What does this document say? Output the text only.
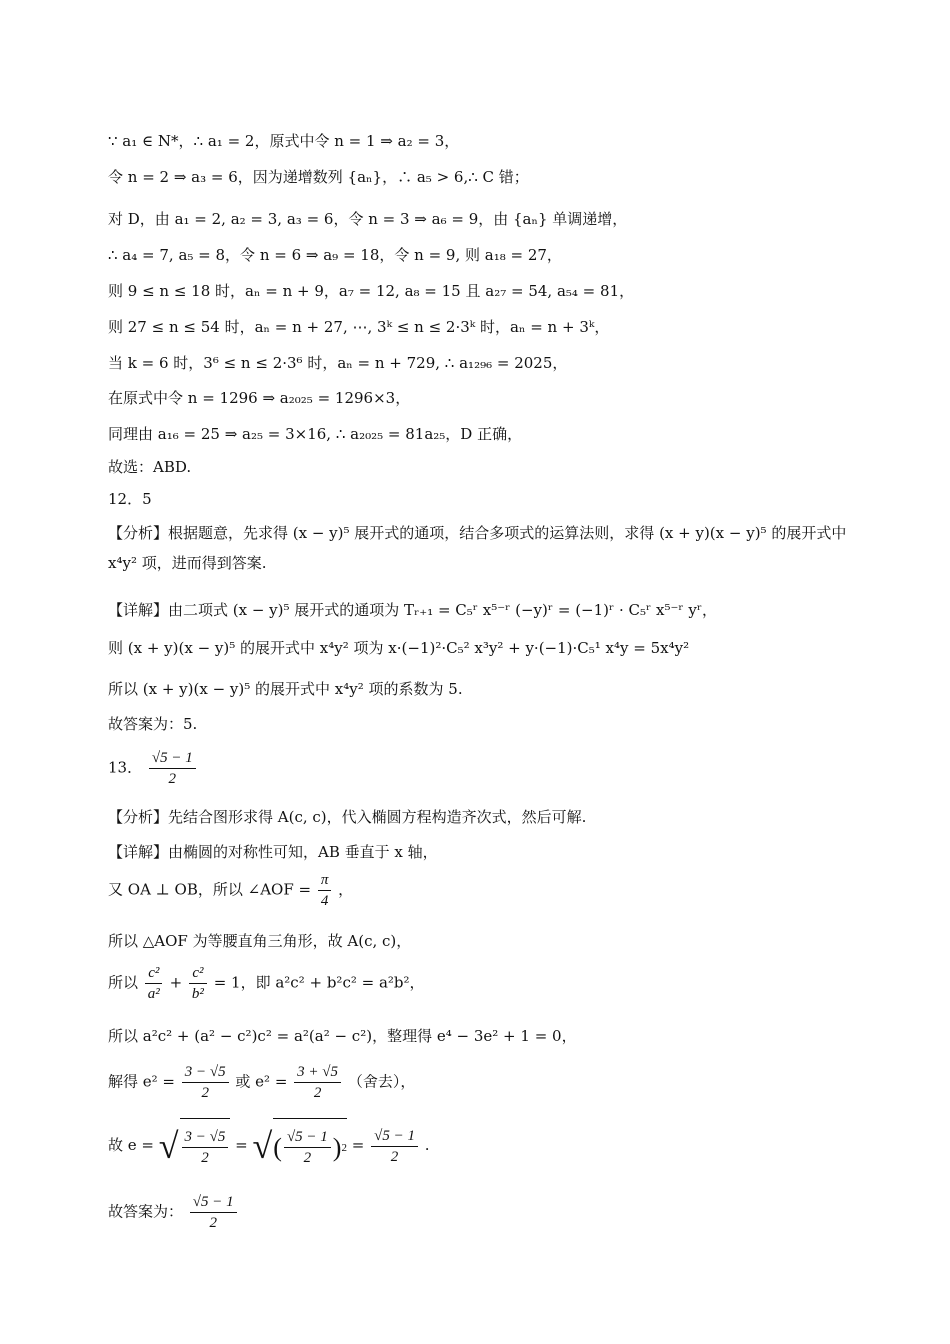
∵ a₁ ∈ N*，∴ a₁ = 2，原式中令 n = 1 ⇒ a₂ = 3，
令 n = 2 ⇒ a₃ = 6，因为递增数列 {aₙ}，∴ a₅ > 6,∴ C 错；
对 D，由 a₁ = 2, a₂ = 3, a₃ = 6，令 n = 3 ⇒ a₆ = 9，由 {aₙ} 单调递增，
∴ a₄ = 7, a₅ = 8，令 n = 6 ⇒ a₉ = 18，令 n = 9, 则 a₁₈ = 27，
则 9 ≤ n ≤ 18 时，aₙ = n + 9，a₇ = 12, a₈ = 15 且 a₂₇ = 54, a₅₄ = 81，
则 27 ≤ n ≤ 54 时，aₙ = n + 27, ⋯, 3ᵏ ≤ n ≤ 2·3ᵏ 时，aₙ = n + 3ᵏ，
当 k = 6 时，3⁶ ≤ n ≤ 2·3⁶ 时，aₙ = n + 729, ∴ a₁₂₉₆ = 2025，
在原式中令 n = 1296 ⇒ a₂₀₂₅ = 1296×3，
同理由 a₁₆ = 25 ⇒ a₂₅ = 3×16, ∴ a₂₀₂₅ = 81a₂₅，D 正确，
故选：ABD.
12．5
【分析】根据题意，先求得 (x − y)⁵ 展开式的通项，结合多项式的运算法则，求得 (x + y)(x − y)⁵ 的展开式中 x⁴y² 项，进而得到答案.
【详解】由二项式 (x − y)⁵ 展开式的通项为 Tᵣ₊₁ = C₅ʳ x⁵⁻ʳ (−y)ʳ = (−1)ʳ · C₅ʳ x⁵⁻ʳ yʳ，
则 (x + y)(x − y)⁵ 的展开式中 x⁴y² 项为 x·(−1)²·C₅² x³y² + y·(−1)·C₅¹ x⁴y = 5x⁴y²
所以 (x + y)(x − y)⁵ 的展开式中 x⁴y² 项的系数为 5.
故答案为：5.
13． $\frac{√5 - 1}{2}$
【分析】先结合图形求得 A(c, c)，代入椭圆方程构造齐次式，然后可解.
【详解】由椭圆的对称性可知，AB 垂直于 x 轴，
又 OA ⊥ OB，所以 ∠AOF = $\frac{\pi}{4}$ ，
所以 △AOF 为等腰直角三角形，故 A(c, c)，
所以 $\frac{\text{c²}}{\text{a²}} + \frac{\text{c²}}{\text{b²}} = 1$，即 a²c² + b²c² = a²b²，
所以 a²c² + (a² − c²)c² = a²(a² − c²)，整理得 e⁴ − 3e² + 1 = 0，
解得 $e^2 = \frac{3 - √5}{2}$ 或 $e^2 = \frac{3 + √5}{2}$ （舍去），
故 e = √ $\frac{3 - √5}{2}$ = √ ( $\frac{√5 - 1}{2}$ ) $2 = \frac{√5 - 1}{2}$ .
故答案为： $\frac{√5 - 1}{2}$
